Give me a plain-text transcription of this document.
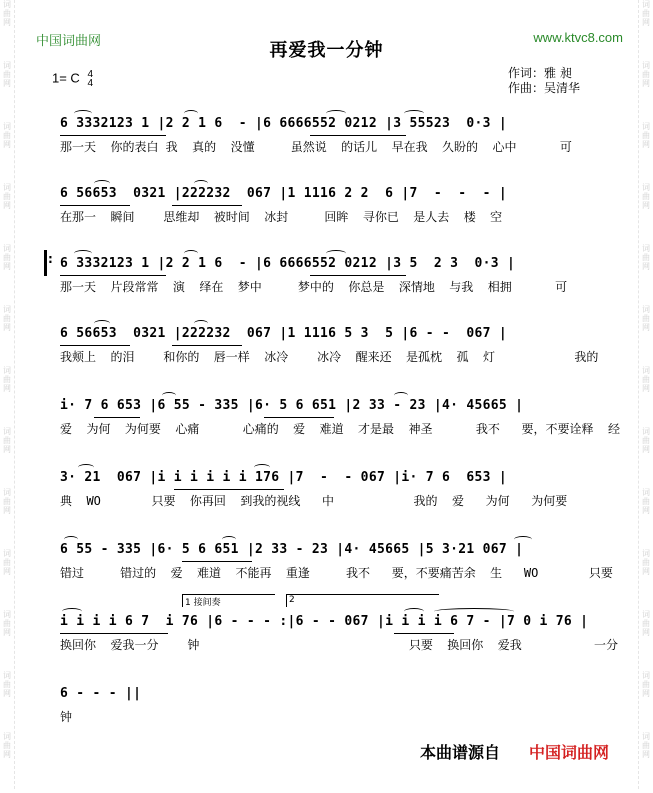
词
曲
网
词
曲
网
词
曲
网
词
曲
网
词
曲
网
词
曲
网
词
曲
网
词
曲
网
词
曲
网
词
曲
网
词
曲
网
词
曲
网
词
曲
网
词
曲
网
词
曲
网
词
曲
网
词
曲
网
词
曲
网
词
曲
网
词
曲
网
词
曲
网
词
曲
网
词
曲
网
词
曲
网
词
曲
网
词
曲
网
中国词曲网	www.ktvc8.com
再爱我一分钟
1= C 4
4
作词：雅 昶
作曲：吴清华
6 3332123 1 |2 2 1 6  - |6 6666552 0212 |3 55523  0·3 |
那一天  你的表白 我  真的  没懂     虽然说  的话儿  早在我  久盼的  心中      可
6 56653  0321 |222232  067 |1 1116 2 2  6 |7  -  -  - |
在那一  瞬间    思维却  被时间  冰封     回眸  寻你已  是人去  楼  空
: 6 3332123 1 |2 2 1 6  - |6 6666552 0212 |3 5  2 3  0·3 |
那一天  片段常常  演  绎在  梦中     梦中的  你总是  深情地  与我  相拥      可
6 56653  0321 |222232  067 |1 1116 5 3  5 |6 - -  067 |
我颊上  的泪    和你的  唇一样  冰冷    冰冷  醒来还  是孤枕  孤  灯           我的
i· 7 6 653 |6 55 - 335 |6· 5 6 651 |2 33 - 23 |4· 45665 |
爱  为何  为何要  心痛      心痛的  爱  难道  才是最  神圣      我不   要，不要诠释  经
3· 21  067 |i i i i i i 176 |7  -  - 067 |i· 7 6  653 |
典  WO       只要  你再回  到我的视线   中           我的  爱   为何   为何要
6 55 - 335 |6· 5 6 651 |2 33 - 23 |4· 45665 |5 3·21 067 |
错过     错过的  爱  难道  不能再  重逢     我不   要，不要痛苦余  生   WO       只要
1 接间奏	2
i i i i 6 7  i 76 |6 - - - :|6 - - 067 |i i i i 6 7 - |7 0 i 76 |
换回你  爱我一分    钟                             只要  换回你  爱我          一分
6 - - - ||
钟
本曲谱源自 中国词曲网
